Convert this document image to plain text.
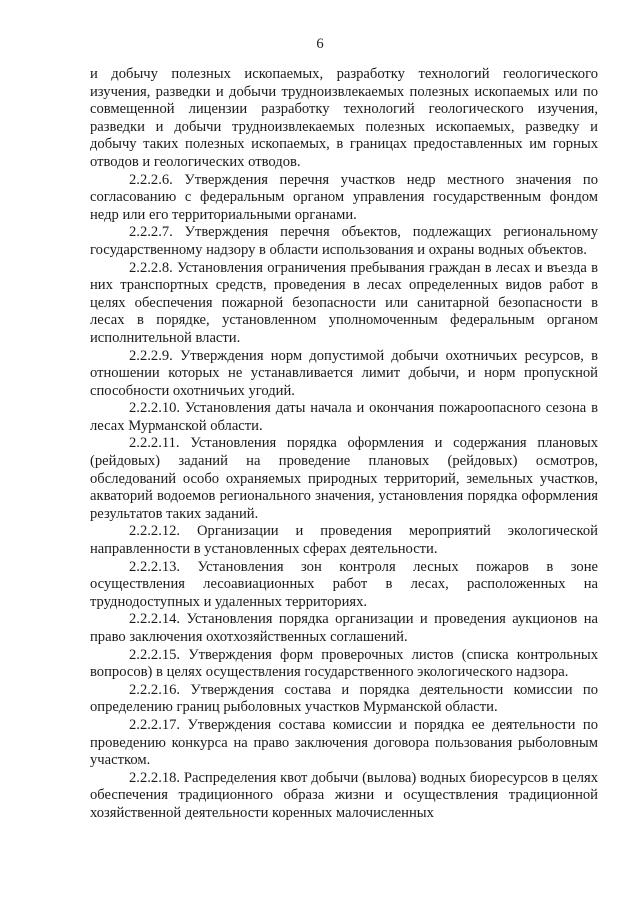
6

и добычу полезных ископаемых, разработку технологий геологического изучения, разведки и добычи трудноизвлекаемых полезных ископаемых или по совмещенной лицензии разработку технологий геологического изучения, разведки и добычи трудноизвлекаемых полезных ископаемых, разведку и добычу таких полезных ископаемых, в границах предоставленных им горных отводов и геологических отводов.

2.2.2.6. Утверждения перечня участков недр местного значения по согласованию с федеральным органом управления государственным фондом недр или его территориальными органами.

2.2.2.7. Утверждения перечня объектов, подлежащих региональному государственному надзору в области использования и охраны водных объектов.

2.2.2.8. Установления ограничения пребывания граждан в лесах и въезда в них транспортных средств, проведения в лесах определенных видов работ в целях обеспечения пожарной безопасности или санитарной безопасности в лесах в порядке, установленном уполномоченным федеральным органом исполнительной власти.

2.2.2.9. Утверждения норм допустимой добычи охотничьих ресурсов, в отношении которых не устанавливается лимит добычи, и норм пропускной способности охотничьих угодий.

2.2.2.10. Установления даты начала и окончания пожароопасного сезона в лесах Мурманской области.

2.2.2.11. Установления порядка оформления и содержания плановых (рейдовых) заданий на проведение плановых (рейдовых) осмотров, обследований особо охраняемых природных территорий, земельных участков, акваторий водоемов регионального значения, установления порядка оформления результатов таких заданий.

2.2.2.12. Организации и проведения мероприятий экологической направленности в установленных сферах деятельности.

2.2.2.13. Установления зон контроля лесных пожаров в зоне осуществления лесоавиационных работ в лесах, расположенных на труднодоступных и удаленных территориях.

2.2.2.14. Установления порядка организации и проведения аукционов на право заключения охотхозяйственных соглашений.

2.2.2.15. Утверждения форм проверочных листов (списка контрольных вопросов) в целях осуществления государственного экологического надзора.

2.2.2.16. Утверждения состава и порядка деятельности комиссии по определению границ рыболовных участков Мурманской области.

2.2.2.17. Утверждения состава комиссии и порядка ее деятельности по проведению конкурса на право заключения договора пользования рыболовным участком.

2.2.2.18. Распределения квот добычи (вылова) водных биоресурсов в целях обеспечения традиционного образа жизни и осуществления традиционной хозяйственной деятельности коренных малочисленных
